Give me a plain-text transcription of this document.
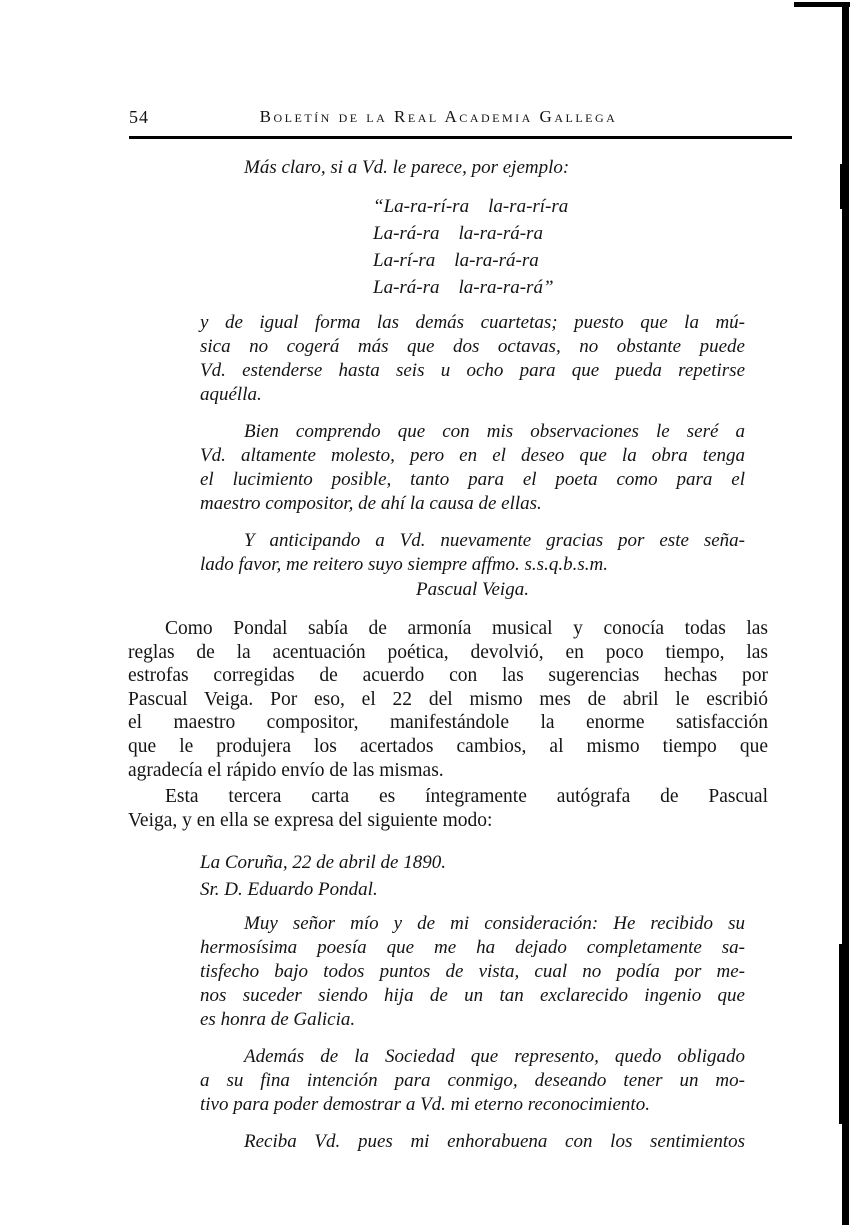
54	Boletín de la Real Academia Gallega
Más claro, si a Vd. le parece, por ejemplo:
“La-ra-rí-ra la-ra-rí-ra
La-rá-ra la-ra-rá-ra
La-rí-ra la-ra-rá-ra
La-rá-ra la-ra-ra-rá”
y de igual forma las demás cuartetas; puesto que la mú-
sica no cogerá más que dos octavas, no obstante puede
Vd. estenderse hasta seis u ocho para que pueda repetirse
aquélla.
Bien comprendo que con mis observaciones le seré a
Vd. altamente molesto, pero en el deseo que la obra tenga
el lucimiento posible, tanto para el poeta como para el
maestro compositor, de ahí la causa de ellas.
Y anticipando a Vd. nuevamente gracias por este seña-
lado favor, me reitero suyo siempre affmo. s.s.q.b.s.m.
Pascual Veiga.
Como Pondal sabía de armonía musical y conocía todas las
reglas de la acentuación poética, devolvió, en poco tiempo, las
estrofas corregidas de acuerdo con las sugerencias hechas por
Pascual Veiga. Por eso, el 22 del mismo mes de abril le escribió
el maestro compositor, manifestándole la enorme satisfacción
que le produjera los acertados cambios, al mismo tiempo que
agradecía el rápido envío de las mismas.
Esta tercera carta es íntegramente autógrafa de Pascual
Veiga, y en ella se expresa del siguiente modo:
La Coruña, 22 de abril de 1890.
Sr. D. Eduardo Pondal.
Muy señor mío y de mi consideración: He recibido su
hermosísima poesía que me ha dejado completamente sa-
tisfecho bajo todos puntos de vista, cual no podía por me-
nos suceder siendo hija de un tan exclarecido ingenio que
es honra de Galicia.
Además de la Sociedad que represento, quedo obligado
a su fina intención para conmigo, deseando tener un mo-
tivo para poder demostrar a Vd. mi eterno reconocimiento.
Reciba Vd. pues mi enhorabuena con los sentimientos
